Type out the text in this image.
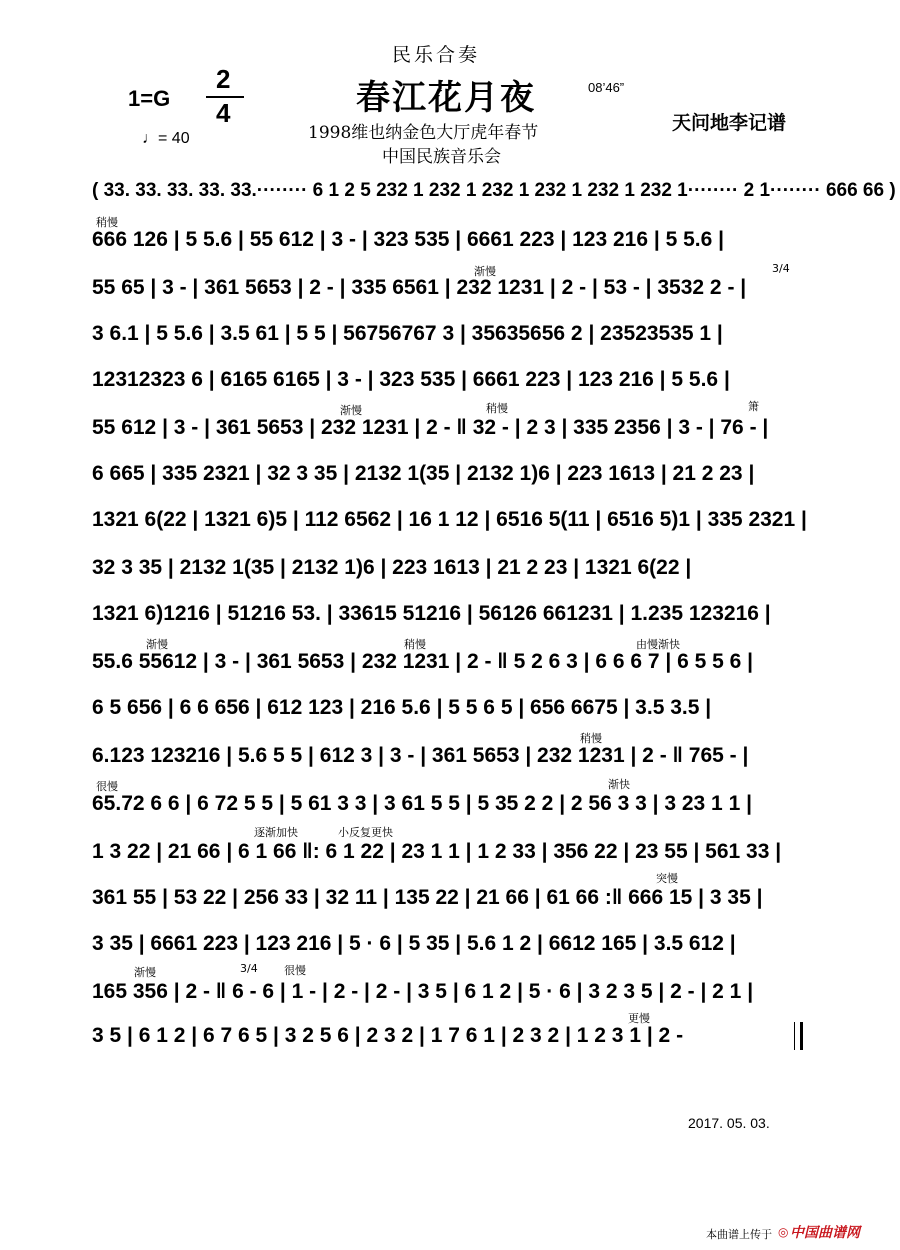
民乐合奏
春江花月夜	08’46”
1=G
2
4
♩= 40	1998维也纳金色大厅虎年春节
中国民族音乐会
天问地李记谱
( 33. 33. 33. 33. 33.········ 6 1 2 5 232 1 232 1 232 1 232 1 232 1 232 1········ 2 1········ 666 66 )
稍慢
666 126 | 5 5.6 | 55 612 | 3 - | 323 535 | 6661 223 | 123 216 | 5 5.6 |
渐慢	3/4
55 65 | 3 - | 361 5653 | 2 - | 335 6561 | 232 1231 | 2 - | 53 - | 3532 2 - |
3 6.1 | 5 5.6 | 3.5 61 | 5 5 | 56756767 3 | 35635656 2 | 23523535 1 |
12312323 6 | 6165 6165 | 3 - | 323 535 | 6661 223 | 123 216 | 5 5.6 |
渐慢	稍慢	箫
55 612 | 3 - | 361 5653 | 232 1231 | 2 - ‖ 32 - | 2 3 | 335 2356 | 3 - | 76 - |
6 665 | 335 2321 | 32 3 35 | 2132 1(35 | 2132 1)6 | 223 1613 | 21 2 23 |
1321 6(22 | 1321 6)5 | 112 6562 | 16 1 12 | 6516 5(11 | 6516 5)1 | 335 2321 |
32 3 35 | 2132 1(35 | 2132 1)6 | 223 1613 | 21 2 23 | 1321 6(22 |
1321 6)1216 | 51216 53. | 33615 51216 | 56126 661231 | 1.235 123216 |
渐慢	稍慢	由慢渐快
55.6 55612 | 3 - | 361 5653 | 232 1231 | 2 - ‖ 5 2 6 3 | 6 6 6 7 | 6 5 5 6 |
6 5 656 | 6 6 656 | 612 123 | 216 5.6 | 5 5 6 5 | 656 6675 | 3.5 3.5 |
稍慢
6.123 123216 | 5.6 5 5 | 612 3 | 3 - | 361 5653 | 232 1231 | 2 - ‖ 765 - |
很慢	渐快
65.72 6 6 | 6 72 5 5 | 5 61 3 3 | 3 61 5 5 | 5 35 2 2 | 2 56 3 3 | 3 23 1 1 |
逐渐加快	小反复更快
1 3 22 | 21 66 | 6 1 66 ‖: 6 1 22 | 23 1 1 | 1 2 33 | 356 22 | 23 55 | 561 33 |
突慢
361 55 | 53 22 | 256 33 | 32 11 | 135 22 | 21 66 | 61 66 :‖ 666 15 | 3 35 |
3 35 | 6661 223 | 123 216 | 5 · 6 | 5 35 | 5.6 1 2 | 6612 165 | 3.5 612 |
渐慢	3/4 很慢
165 356 | 2 - ‖ 6 - 6 | 1 - | 2 - | 2 - | 3 5 | 6 1 2 | 5 · 6 | 3 2 3 5 | 2 - | 2 1 |
更慢
3 5 | 6 1 2 | 6 7 6 5 | 3 2 5 6 | 2 3 2 | 1 7 6 1 | 2 3 2 | 1 2 3 1 | 2 -
2017. 05. 03.
本曲谱上传于 ◎ 中国曲谱网
